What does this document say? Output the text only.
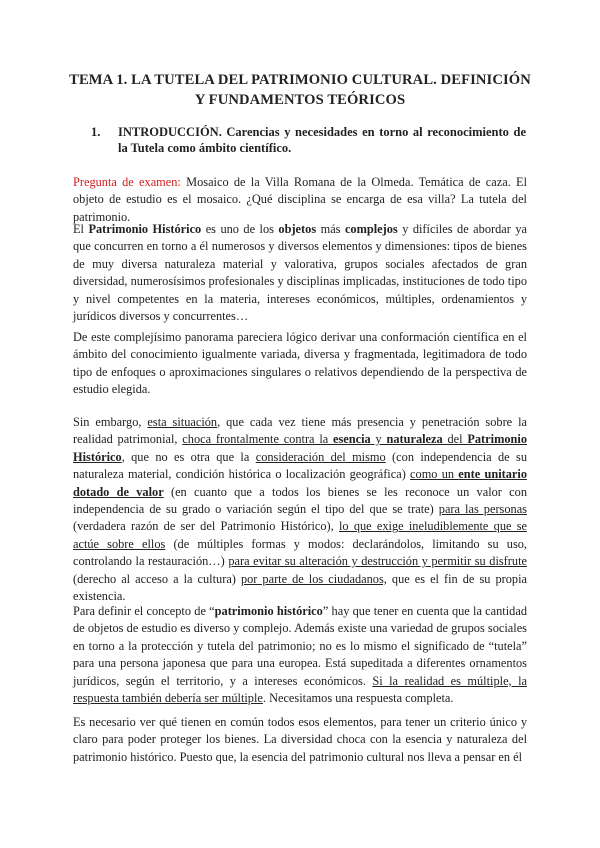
TEMA 1. LA TUTELA DEL PATRIMONIO CULTURAL. DEFINICIÓN
Y FUNDAMENTOS TEÓRICOS
1. INTRODUCCIÓN. Carencias y necesidades en torno al reconocimiento de la Tutela como ámbito científico.
Pregunta de examen: Mosaico de la Villa Romana de la Olmeda. Temática de caza. El objeto de estudio es el mosaico. ¿Qué disciplina se encarga de esa villa? La tutela del patrimonio.
El Patrimonio Histórico es uno de los objetos más complejos y difíciles de abordar ya que concurren en torno a él numerosos y diversos elementos y dimensiones: tipos de bienes de muy diversa naturaleza material y valorativa, grupos sociales afectados de gran diversidad, numerosísimos profesionales y disciplinas implicadas, instituciones de todo tipo y nivel competentes en la materia, intereses económicos, múltiples, ordenamientos y jurídicos diversos y concurrentes…
De este complejísimo panorama pareciera lógico derivar una conformación científica en el ámbito del conocimiento igualmente variada, diversa y fragmentada, legitimadora de todo tipo de enfoques o aproximaciones singulares o relativos dependiendo de la perspectiva de estudio elegida.
Sin embargo, esta situación, que cada vez tiene más presencia y penetración sobre la realidad patrimonial, choca frontalmente contra la esencia y naturaleza del Patrimonio Histórico, que no es otra que la consideración del mismo (con independencia de su naturaleza material, condición histórica o localización geográfica) como un ente unitario dotado de valor (en cuanto que a todos los bienes se les reconoce un valor con independencia de su grado o variación según el tipo del que se trate) para las personas (verdadera razón de ser del Patrimonio Histórico), lo que exige ineludiblemente que se actúe sobre ellos (de múltiples formas y modos: declarándolos, limitando su uso, controlando la restauración…) para evitar su alteración y destrucción y permitir su disfrute (derecho al acceso a la cultura) por parte de los ciudadanos, que es el fin de su propia existencia.
Para definir el concepto de “patrimonio histórico” hay que tener en cuenta que la cantidad de objetos de estudio es diverso y complejo. Además existe una variedad de grupos sociales en torno a la protección y tutela del patrimonio; no es lo mismo el significado de “tutela” para una persona japonesa que para una europea. Está supeditada a diferentes ornamentos jurídicos, según el territorio, y a intereses económicos. Si la realidad es múltiple, la respuesta también debería ser múltiple. Necesitamos una respuesta completa.
Es necesario ver qué tienen en común todos esos elementos, para tener un criterio único y claro para poder proteger los bienes. La diversidad choca con la esencia y naturaleza del patrimonio histórico. Puesto que, la esencia del patrimonio cultural nos lleva a pensar en él
